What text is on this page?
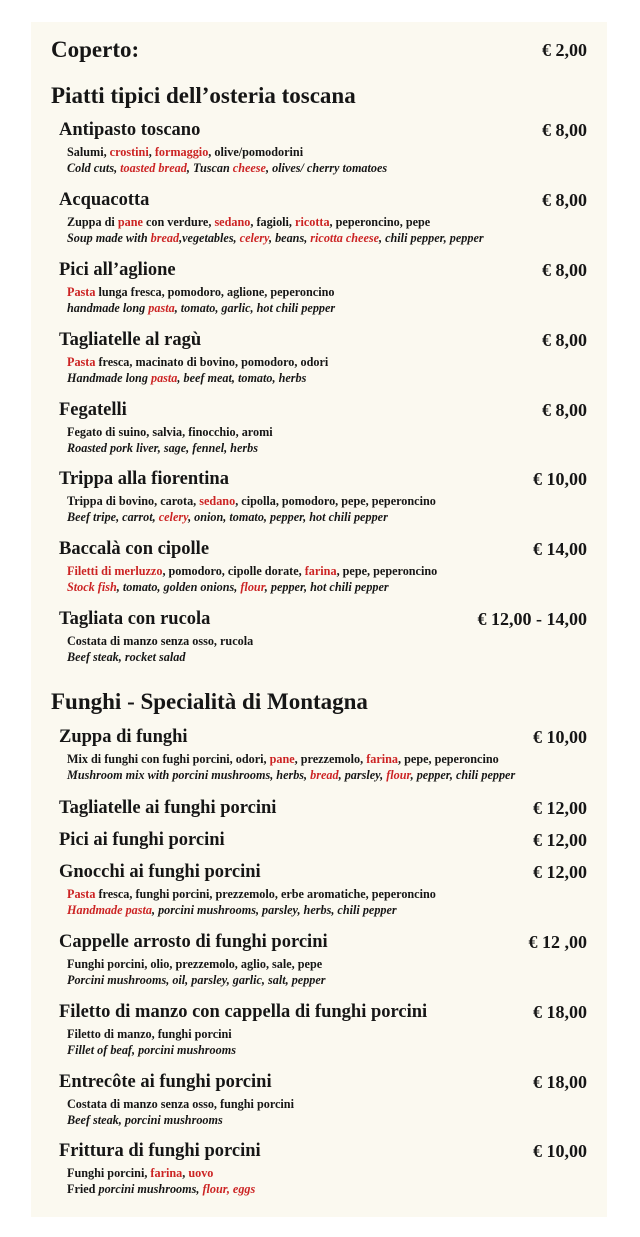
Coperto:	€ 2,00
Piatti tipici dell’osteria toscana
Antipasto toscano	€ 8,00
Salumi, crostini, formaggio, olive/pomodorini
Cold cuts, toasted bread, Tuscan cheese, olives/ cherry tomatoes
Acquacotta	€ 8,00
Zuppa di pane con verdure, sedano, fagioli, ricotta, peperoncino, pepe
Soup made with bread,vegetables, celery, beans, ricotta cheese, chili pepper, pepper
Pici all’aglione	€ 8,00
Pasta lunga fresca, pomodoro, aglione, peperoncino
handmade long pasta, tomato, garlic, hot chili pepper
Tagliatelle al ragù	€ 8,00
Pasta fresca, macinato di bovino, pomodoro, odori
Handmade long pasta, beef meat, tomato, herbs
Fegatelli	€ 8,00
Fegato di suino, salvia, finocchio, aromi
Roasted pork liver, sage, fennel, herbs
Trippa alla fiorentina	€ 10,00
Trippa di bovino, carota, sedano, cipolla, pomodoro, pepe, peperoncino
Beef tripe, carrot, celery, onion, tomato, pepper, hot chili pepper
Baccalà con cipolle	€ 14,00
Filetti di merluzzo, pomodoro, cipolle dorate, farina, pepe, peperoncino
Stock fish, tomato, golden onions, flour, pepper, hot chili pepper
Tagliata con rucola	€ 12,00 - 14,00
Costata di manzo senza osso, rucola
Beef steak, rocket salad
Funghi - Specialità di Montagna
Zuppa di funghi	€ 10,00
Mix di funghi con fughi porcini, odori, pane, prezzemolo, farina, pepe, peperoncino
Mushroom mix with porcini mushrooms, herbs, bread, parsley, flour, pepper, chili pepper
Tagliatelle ai funghi porcini	€ 12,00
Pici ai funghi porcini	€ 12,00
Gnocchi ai funghi porcini	€ 12,00
Pasta fresca, funghi porcini, prezzemolo, erbe aromatiche, peperoncino
Handmade pasta, porcini mushrooms, parsley, herbs, chili pepper
Cappelle arrosto di funghi porcini	€ 12 ,00
Funghi porcini, olio, prezzemolo, aglio, sale, pepe
Porcini mushrooms, oil, parsley, garlic, salt, pepper
Filetto di manzo con cappella di funghi porcini	€ 18,00
Filetto di manzo, funghi porcini
Fillet of beaf, porcini mushrooms
Entrecôte ai funghi porcini	€ 18,00
Costata di manzo senza osso, funghi porcini
Beef steak, porcini mushrooms
Frittura di funghi porcini	€ 10,00
Funghi porcini, farina, uovo
Fried porcini mushrooms, flour, eggs
